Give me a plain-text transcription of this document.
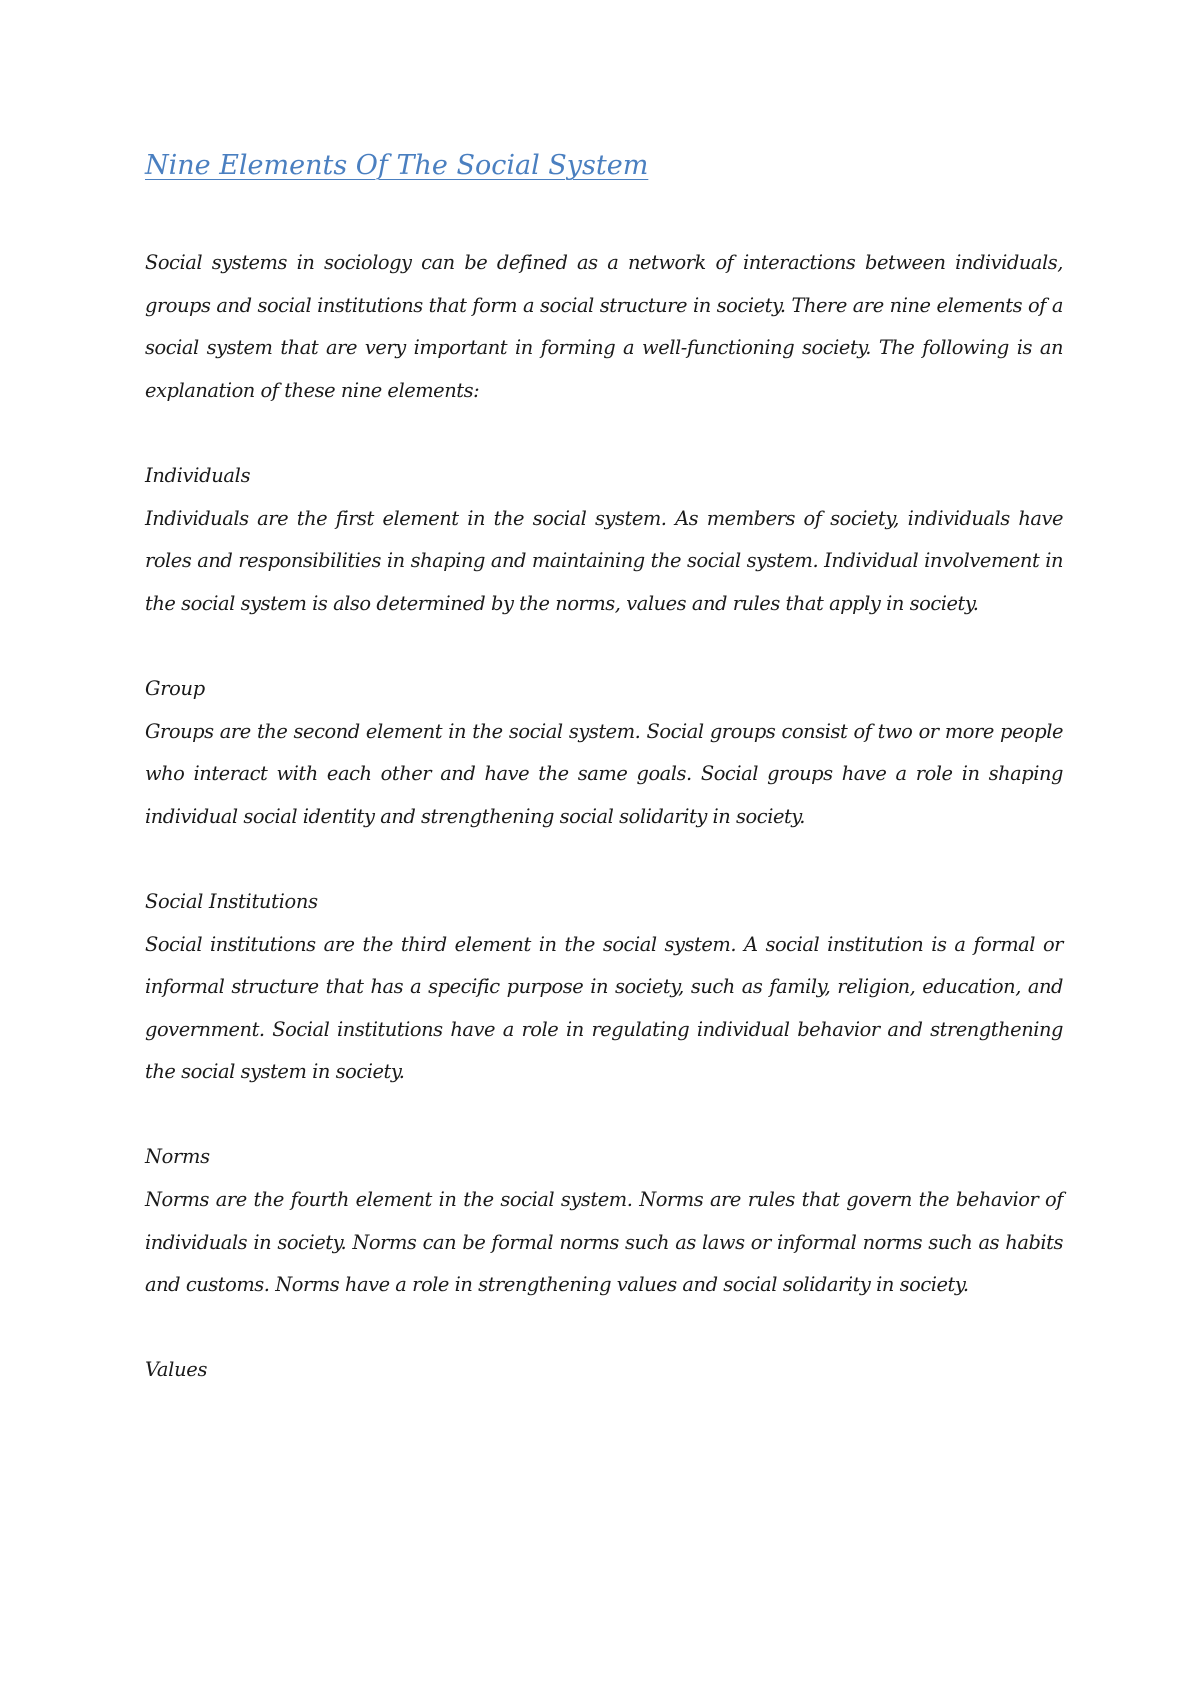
Nine Elements Of The Social System

Social systems in sociology can be defined as a network of interactions between individuals, groups and social institutions that form a social structure in society. There are nine elements of a social system that are very important in forming a well-functioning society. The following is an explanation of these nine elements:

Individuals

Individuals are the first element in the social system. As members of society, individuals have roles and responsibilities in shaping and maintaining the social system. Individual involvement in the social system is also determined by the norms, values and rules that apply in society.

Group

Groups are the second element in the social system. Social groups consist of two or more people who interact with each other and have the same goals. Social groups have a role in shaping individual social identity and strengthening social solidarity in society.

Social Institutions

Social institutions are the third element in the social system. A social institution is a formal or informal structure that has a specific purpose in society, such as family, religion, education, and government. Social institutions have a role in regulating individual behavior and strengthening the social system in society.

Norms

Norms are the fourth element in the social system. Norms are rules that govern the behavior of individuals in society. Norms can be formal norms such as laws or informal norms such as habits and customs. Norms have a role in strengthening values and social solidarity in society.

Values
